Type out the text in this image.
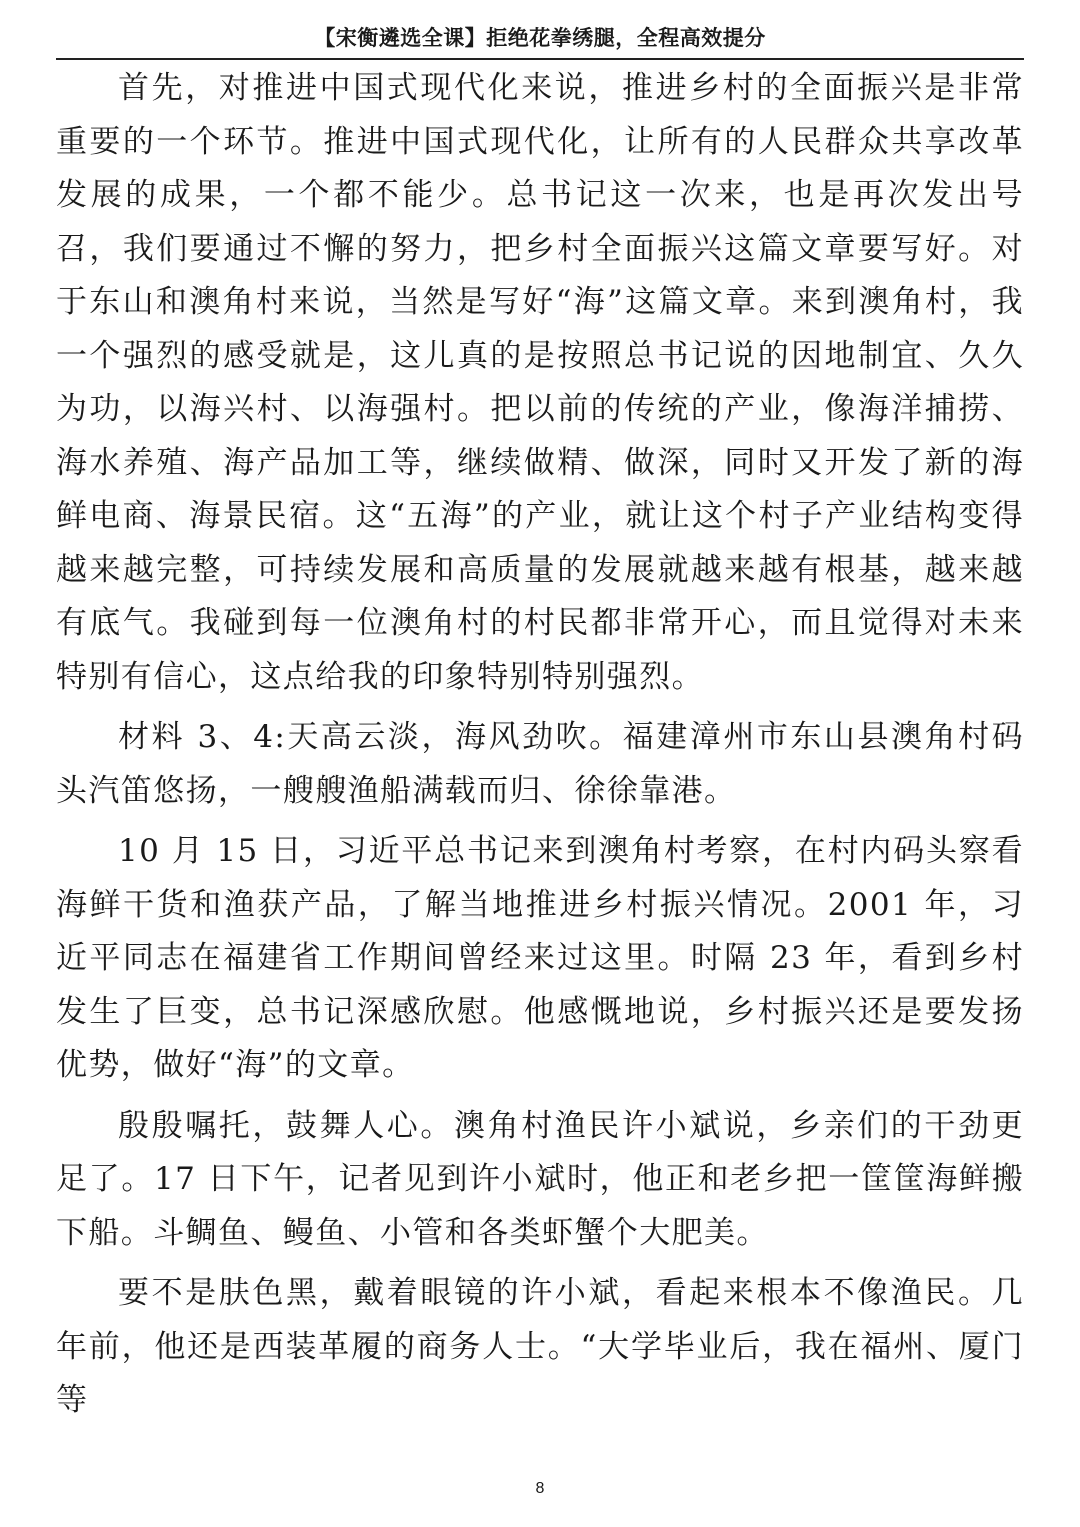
【宋衡遴选全课】拒绝花拳绣腿，全程高效提分

首先，对推进中国式现代化来说，推进乡村的全面振兴是非常重要的一个环节。推进中国式现代化，让所有的人民群众共享改革发展的成果，一个都不能少。总书记这一次来，也是再次发出号召，我们要通过不懈的努力，把乡村全面振兴这篇文章要写好。对于东山和澳角村来说，当然是写好“海”这篇文章。来到澳角村，我一个强烈的感受就是，这儿真的是按照总书记说的因地制宜、久久为功，以海兴村、以海强村。把以前的传统的产业，像海洋捕捞、海水养殖、海产品加工等，继续做精、做深，同时又开发了新的海鲜电商、海景民宿。这“五海”的产业，就让这个村子产业结构变得越来越完整，可持续发展和高质量的发展就越来越有根基，越来越有底气。我碰到每一位澳角村的村民都非常开心，而且觉得对未来特别有信心，这点给我的印象特别特别强烈。

材料 3、4:天高云淡，海风劲吹。福建漳州市东山县澳角村码头汽笛悠扬，一艘艘渔船满载而归、徐徐靠港。

10 月 15 日，习近平总书记来到澳角村考察，在村内码头察看海鲜干货和渔获产品，了解当地推进乡村振兴情况。2001 年，习近平同志在福建省工作期间曾经来过这里。时隔 23 年，看到乡村发生了巨变，总书记深感欣慰。他感慨地说，乡村振兴还是要发扬优势，做好“海”的文章。

殷殷嘱托，鼓舞人心。澳角村渔民许小斌说，乡亲们的干劲更足了。17 日下午，记者见到许小斌时，他正和老乡把一筐筐海鲜搬下船。斗鲷鱼、鳗鱼、小管和各类虾蟹个大肥美。

要不是肤色黑，戴着眼镜的许小斌，看起来根本不像渔民。几年前，他还是西装革履的商务人士。“大学毕业后，我在福州、厦门等

8
